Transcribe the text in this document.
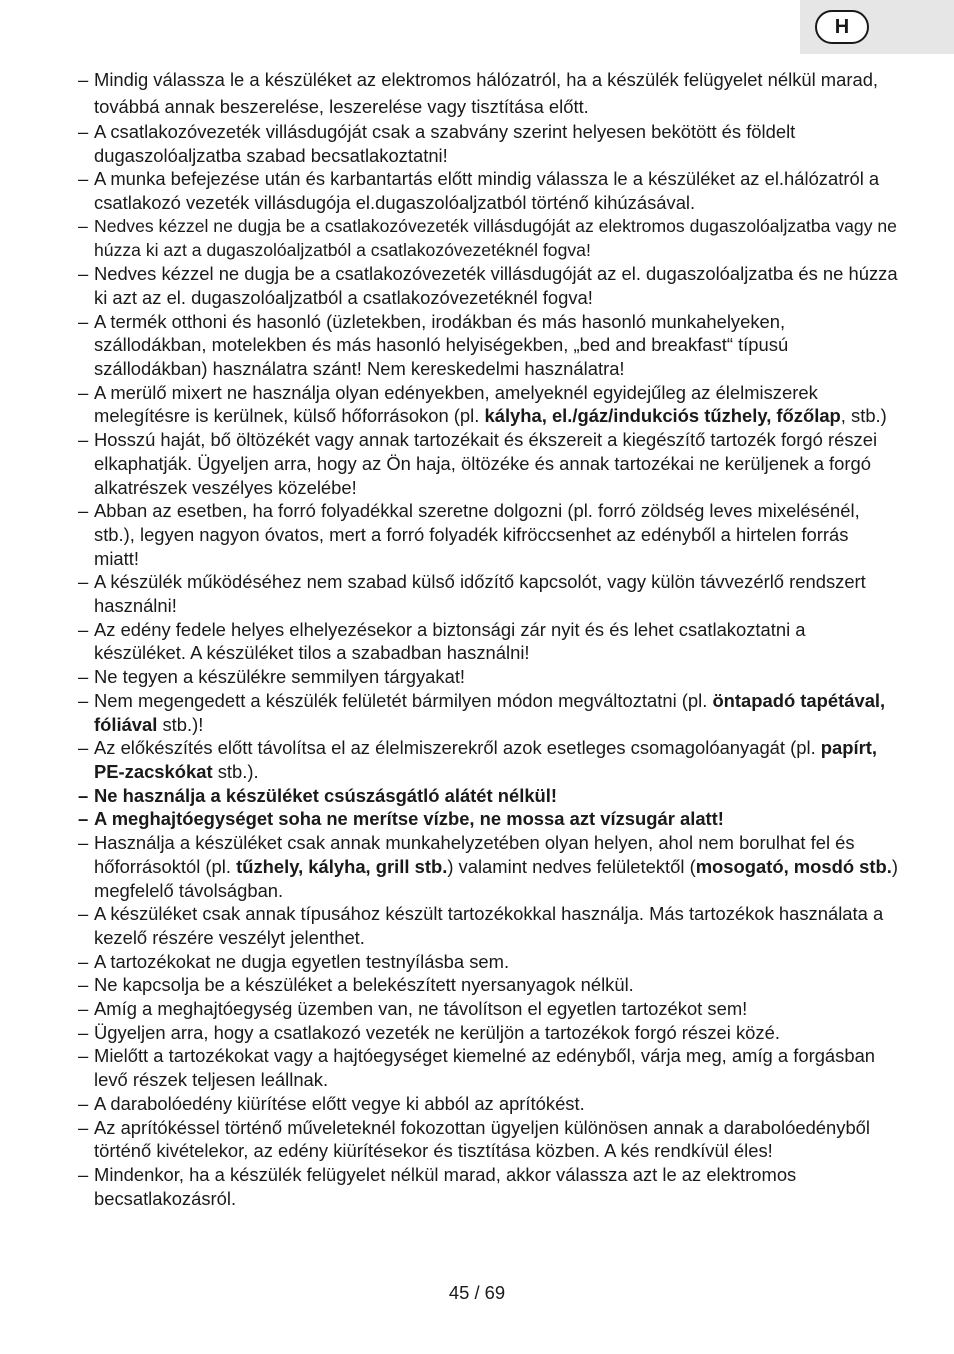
H
– Mindig válassza le a készüléket az elektromos hálózatról, ha a készülék felügyelet nélkül marad, továbbá annak beszerelése, leszerelése vagy tisztítása előtt.
– A csatlakozóvezeték villásdugóját csak a szabvány szerint helyesen bekötött és földelt dugaszolóaljzatba szabad becsatlakoztatni!
– A munka befejezése után és karbantartás előtt mindig válassza le a készüléket az el.hálózatról a csatlakozó vezeték villásdugója el.dugaszolóaljzatból történő kihúzásával.
– Nedves kézzel ne dugja be a csatlakozóvezeték villásdugóját az elektromos dugaszolóaljzatba vagy ne húzza ki azt a dugaszolóaljzatból a csatlakozóvezetéknél fogva!
– Nedves kézzel ne dugja be a csatlakozóvezeték villásdugóját az el. dugaszolóaljzatba és ne húzza ki azt az el. dugaszolóaljzatból a csatlakozóvezetéknél fogva!
– A termék otthoni és hasonló (üzletekben, irodákban és más hasonló munkahelyeken, szállodákban, motelekben és más hasonló helyiségekben, „bed and breakfast“ típusú szállodákban) használatra szánt! Nem kereskedelmi használatra!
– A merülő mixert ne használja olyan edényekben, amelyeknél egyidejűleg az élelmiszerek melegítésre is kerülnek, külső hőforrásokon (pl. kályha, el./gáz/indukciós tűzhely, főzőlap, stb.)
– Hosszú haját, bő öltözékét vagy annak tartozékait és ékszereit a kiegészítő tartozék forgó részei elkaphatják. Ügyeljen arra, hogy az Ön haja, öltözéke és annak tartozékai ne kerüljenek a forgó alkatrészek veszélyes közelébe!
– Abban az esetben, ha forró folyadékkal szeretne dolgozni (pl. forró zöldség leves mixelésénél, stb.), legyen nagyon óvatos, mert a forró folyadék kifröccsenhet az edényből a hirtelen forrás miatt!
– A készülék működéséhez nem szabad külső időzítő kapcsolót, vagy külön távvezérlő rendszert használni!
– Az edény fedele helyes elhelyezésekor a biztonsági zár nyit és és lehet csatlakoztatni a készüléket. A készüléket tilos a szabadban használni!
– Ne tegyen a készülékre semmilyen tárgyakat!
– Nem megengedett a készülék felületét bármilyen módon megváltoztatni (pl. öntapadó tapétával, fóliával stb.)!
– Az előkészítés előtt távolítsa el az élelmiszerekről azok esetleges csomagolóanyagát (pl. papírt, PE-zacskókat stb.).
– Ne használja a készüléket csúszásgátló alátét nélkül!
– A meghajtóegységet soha ne merítse vízbe, ne mossa azt vízsugár alatt!
– Használja a készüléket csak annak munkahelyzetében olyan helyen, ahol nem borulhat fel és hőforrásoktól (pl. tűzhely, kályha, grill stb.) valamint nedves felületektől (mosogató, mosdó stb.) megfelelő távolságban.
– A készüléket csak annak típusához készült tartozékokkal használja. Más tartozékok használata a kezelő részére veszélyt jelenthet.
– A tartozékokat ne dugja egyetlen testnyílásba sem.
– Ne kapcsolja be a készüléket a belekészített nyersanyagok nélkül.
– Amíg a meghajtóegység üzemben van, ne távolítson el egyetlen tartozékot sem!
– Ügyeljen arra, hogy a csatlakozó vezeték ne kerüljön a tartozékok forgó részei közé.
– Mielőtt a tartozékokat vagy a hajtóegységet kiemelné az edényből, várja meg, amíg a forgásban levő részek teljesen leállnak.
– A darabolóedény kiürítése előtt vegye ki abból az aprítókést.
– Az aprítókéssel történő műveleteknél fokozottan ügyeljen különösen annak a darabolóedényből történő kivételekor, az edény kiürítésekor és tisztítása közben. A kés rendkívül éles!
– Mindenkor, ha a készülék felügyelet nélkül marad, akkor válassza azt le az elektromos becsatlakozásról.
45 / 69
